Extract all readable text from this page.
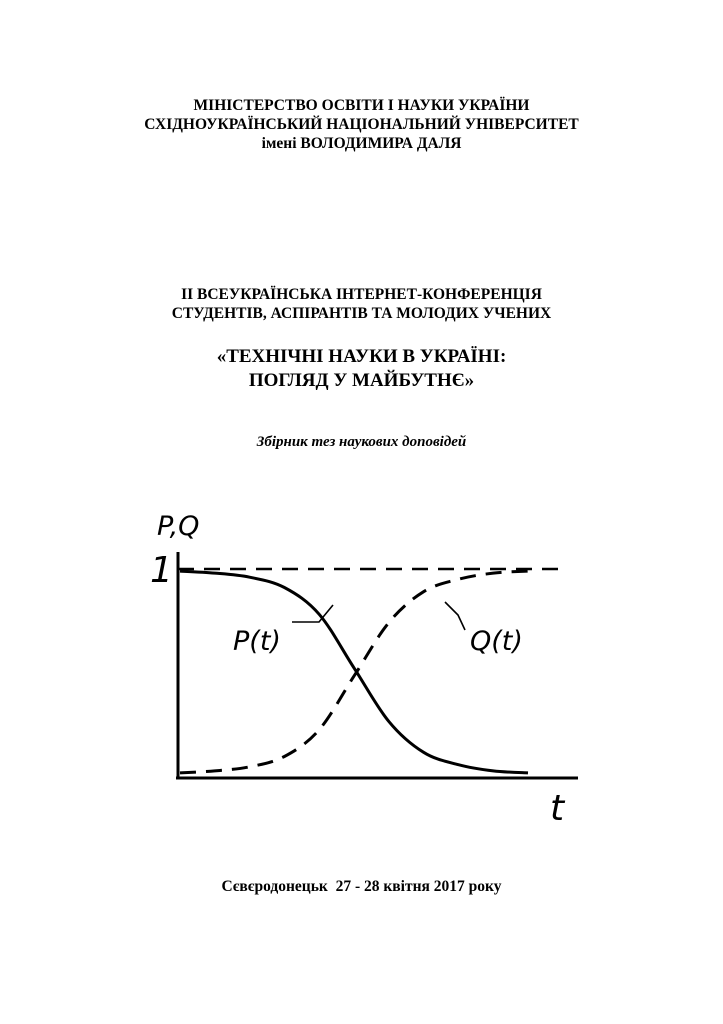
МІНІСТЕРСТВО ОСВІТИ І НАУКИ УКРАЇНИ
СХІДНОУКРАЇНСЬКИЙ НАЦІОНАЛЬНИЙ УНІВЕРСИТЕТ
імені ВОЛОДИМИРА ДАЛЯ
ІІ ВСЕУКРАЇНСЬКА ІНТЕРНЕТ-КОНФЕРЕНЦІЯ
СТУДЕНТІВ, АСПІРАНТІВ ТА МОЛОДИХ УЧЕНИХ
«ТЕХНІЧНІ НАУКИ В УКРАЇНІ:
ПОГЛЯД У МАЙБУТНЄ»
Збірник тез наукових доповідей
P,Q
1
t
P(t)	Q(t)
Сєвєродонецьк  27 - 28 квітня 2017 року
